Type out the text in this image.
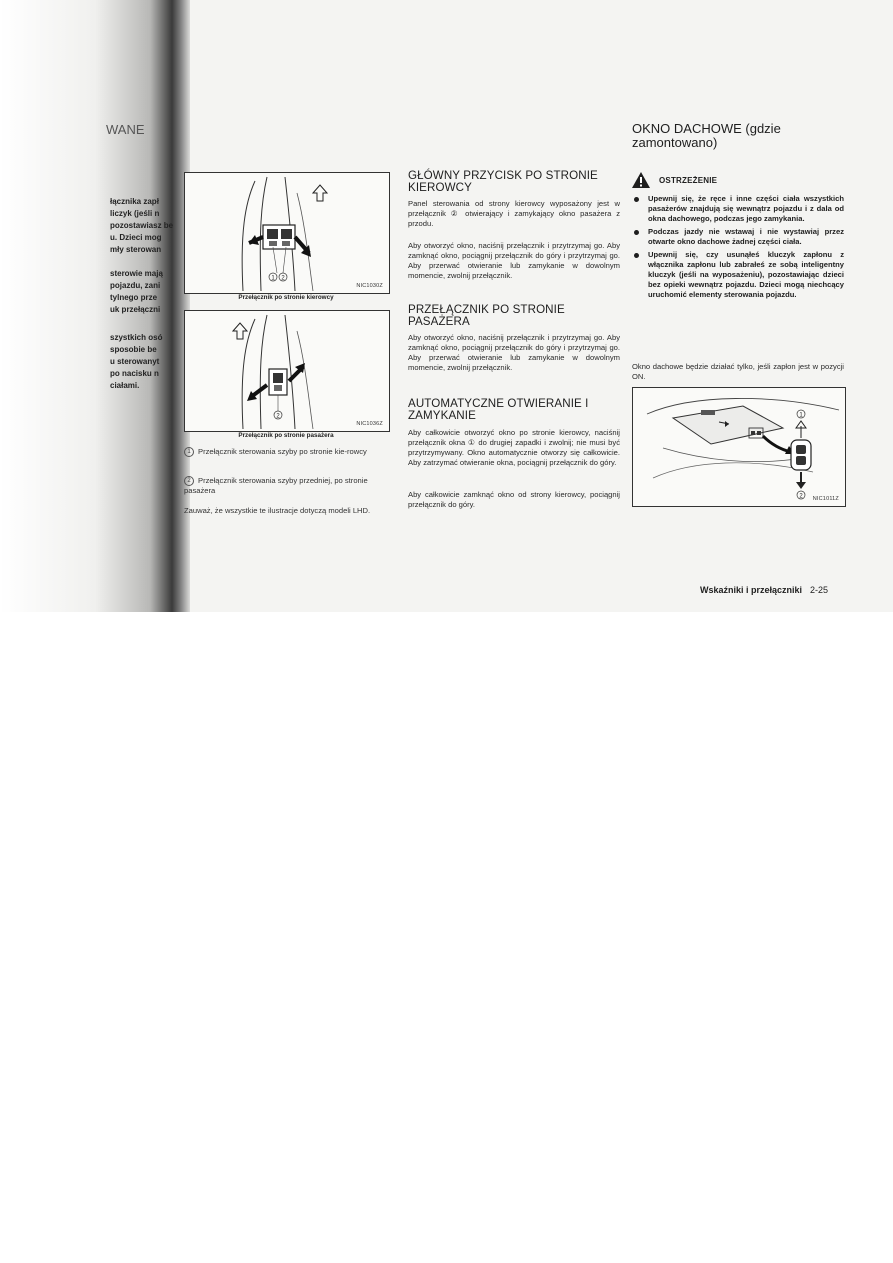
WANE
łącznika zapł
liczyk (jeśli n
pozostawiasz be
u. Dzieci mog
mły sterowan
sterowie mają
pojazdu, zani
tylnego prze
uk przełączni
szystkich osó
sposobie be
u sterowanyt
po nacisku n
ciałami.
1 2
NIC1030Z
Przełącznik po stronie kierowcy
2
NIC1036Z
Przełącznik po stronie pasażera
1 Przełącznik sterowania szyby po stronie kie-rowcy
2 Przełącznik sterowania szyby przedniej, po stronie pasażera
Zauważ, że wszystkie te ilustracje dotyczą modeli LHD.
GŁÓWNY PRZYCISK PO STRONIE KIEROWCY
Panel sterowania od strony kierowcy wyposażony jest w przełącznik ② otwierający i zamykający okno pasażera z przodu.
Aby otworzyć okno, naciśnij przełącznik i przytrzymaj go. Aby zamknąć okno, pociągnij przełącznik do góry i przytrzymaj go. Aby przerwać otwieranie lub zamykanie w dowolnym momencie, zwolnij przełącznik.
PRZEŁĄCZNIK PO STRONIE PASAŻERA
Aby otworzyć okno, naciśnij przełącznik i przytrzymaj go. Aby zamknąć okno, pociągnij przełącznik do góry i przytrzymaj go. Aby przerwać otwieranie lub zamykanie w dowolnym momencie, zwolnij przełącznik.
AUTOMATYCZNE OTWIERANIE I ZAMYKANIE
Aby całkowicie otworzyć okno po stronie kierowcy, naciśnij przełącznik okna ① do drugiej zapadki i zwolnij; nie musi być przytrzymywany. Okno automatycznie otworzy się całkowicie. Aby zatrzymać otwieranie okna, pociągnij przełącznik do góry.
Aby całkowicie zamknąć okno od strony kierowcy, pociągnij przełącznik do góry.
OKNO DACHOWE (gdzie zamontowano)
OSTRZEŻENIE
Upewnij się, że ręce i inne części ciała wszystkich pasażerów znajdują się wewnątrz pojazdu i z dala od okna dachowego, podczas jego zamykania.
Podczas jazdy nie wstawaj i nie wystawiaj przez otwarte okno dachowe żadnej części ciała.
Upewnij się, czy usunąłeś kluczyk zapłonu z włącznika zapłonu lub zabrałeś ze sobą inteligentny kluczyk (jeśli na wyposażeniu), pozostawiając dzieci bez opieki wewnątrz pojazdu. Dzieci mogą niechcący uruchomić elementy sterowania pojazdu.
Okno dachowe będzie działać tylko, jeśli zapłon jest w pozycji ON.
1
2 NIC1011Z
Wskaźniki i przełączniki 2-25
